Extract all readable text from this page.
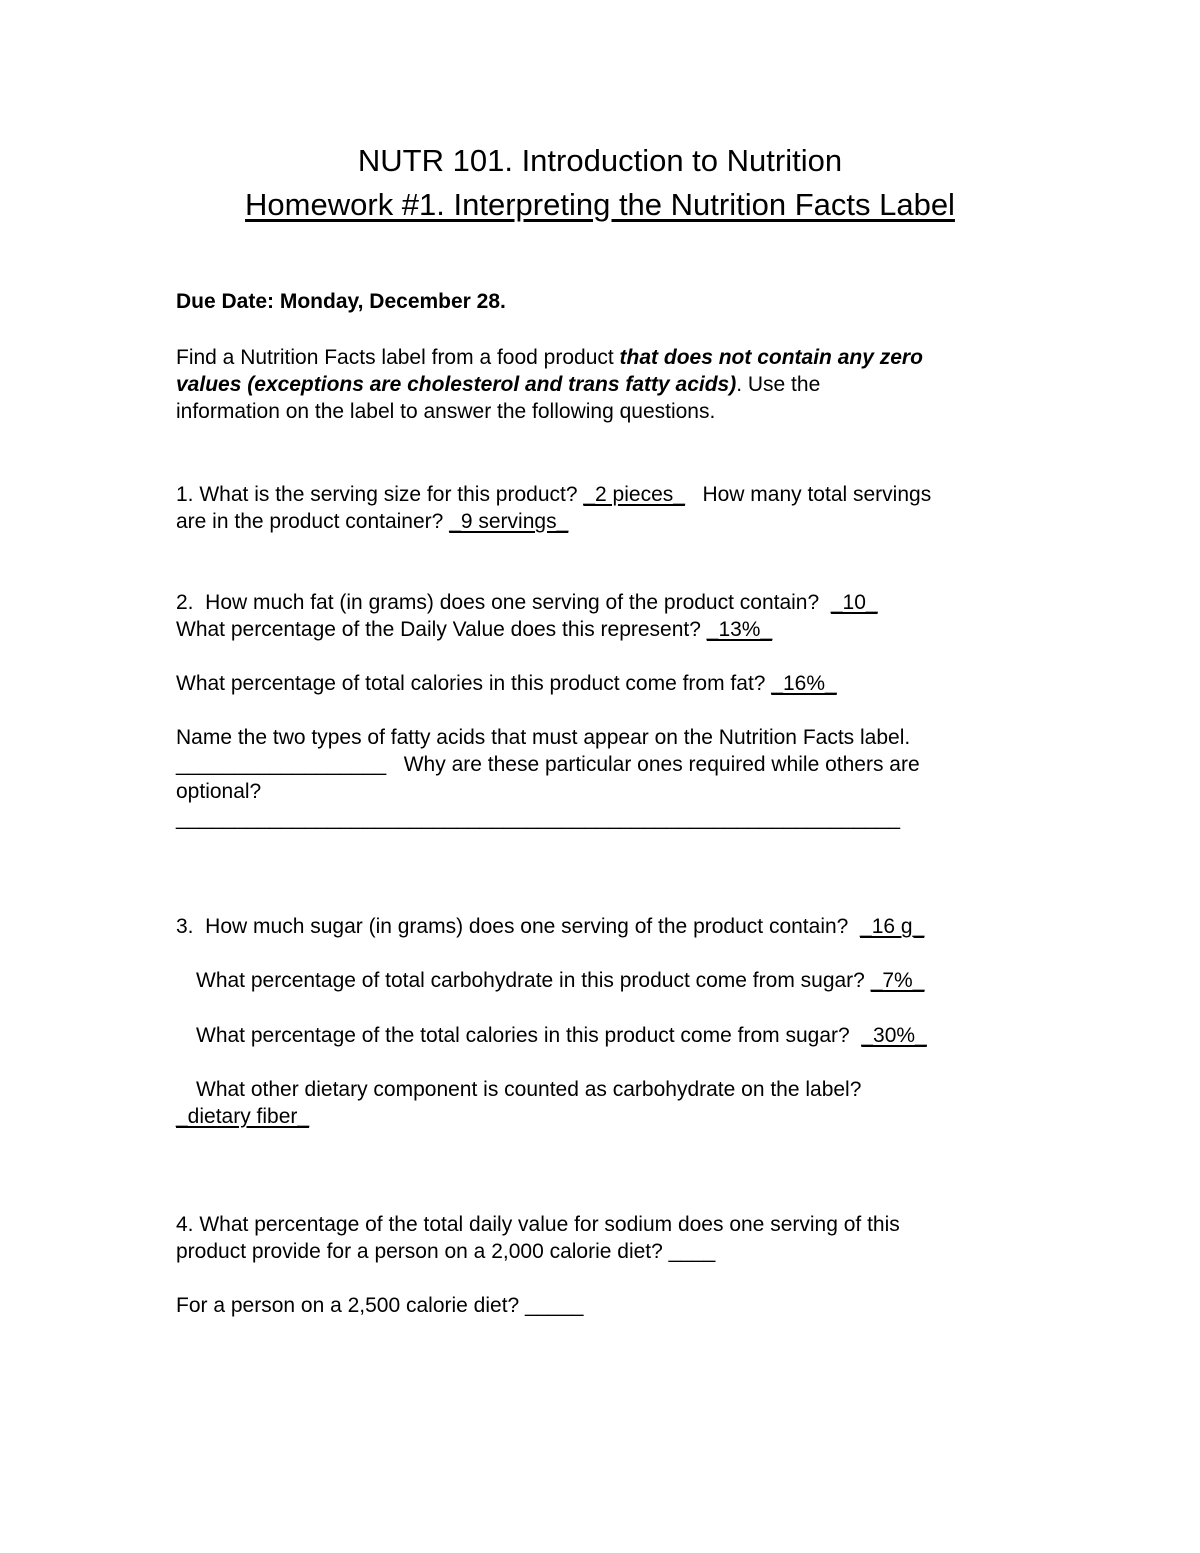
NUTR 101. Introduction to Nutrition
Homework #1. Interpreting the Nutrition Facts Label
Due Date: Monday, December 28.
Find a Nutrition Facts label from a food product that does not contain any zero
values (exceptions are cholesterol and trans fatty acids). Use the
information on the label to answer the following questions.
1. What is the serving size for this product? _2 pieces_   How many total servings
are in the product container? _9 servings_
2.  How much fat (in grams) does one serving of the product contain?  _10_
What percentage of the Daily Value does this represent? _13%_
What percentage of total calories in this product come from fat? _16%_
Name the two types of fatty acids that must appear on the Nutrition Facts label.
__________________   Why are these particular ones required while others are
optional?
______________________________________________________________
3.  How much sugar (in grams) does one serving of the product contain?  _16 g_
What percentage of total carbohydrate in this product come from sugar? _7%_
What percentage of the total calories in this product come from sugar?  _30%_
What other dietary component is counted as carbohydrate on the label?
_dietary fiber_
4. What percentage of the total daily value for sodium does one serving of this
product provide for a person on a 2,000 calorie diet? ____
For a person on a 2,500 calorie diet? _____
